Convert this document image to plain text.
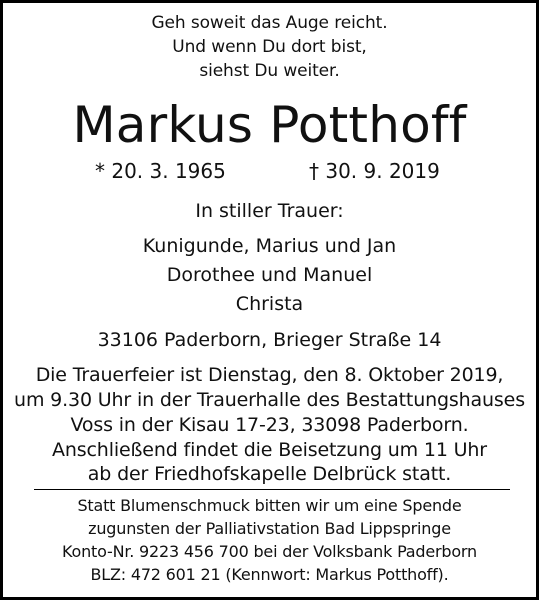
Geh soweit das Auge reicht.
Und wenn Du dort bist,
siehst Du weiter.
Markus Potthoff
* 20. 3. 1965	† 30. 9. 2019
In stiller Trauer:
Kunigunde, Marius und Jan
Dorothee und Manuel
Christa
33106 Paderborn, Brieger Straße 14
Die Trauerfeier ist Dienstag, den 8. Oktober 2019,
um 9.30 Uhr in der Trauerhalle des Bestattungshauses
Voss in der Kisau 17-23, 33098 Paderborn.
Anschließend findet die Beisetzung um 11 Uhr
ab der Friedhofskapelle Delbrück statt.
Statt Blumenschmuck bitten wir um eine Spende
zugunsten der Palliativstation Bad Lippspringe
Konto-Nr. 9223 456 700 bei der Volksbank Paderborn
BLZ: 472 601 21 (Kennwort: Markus Potthoff).
